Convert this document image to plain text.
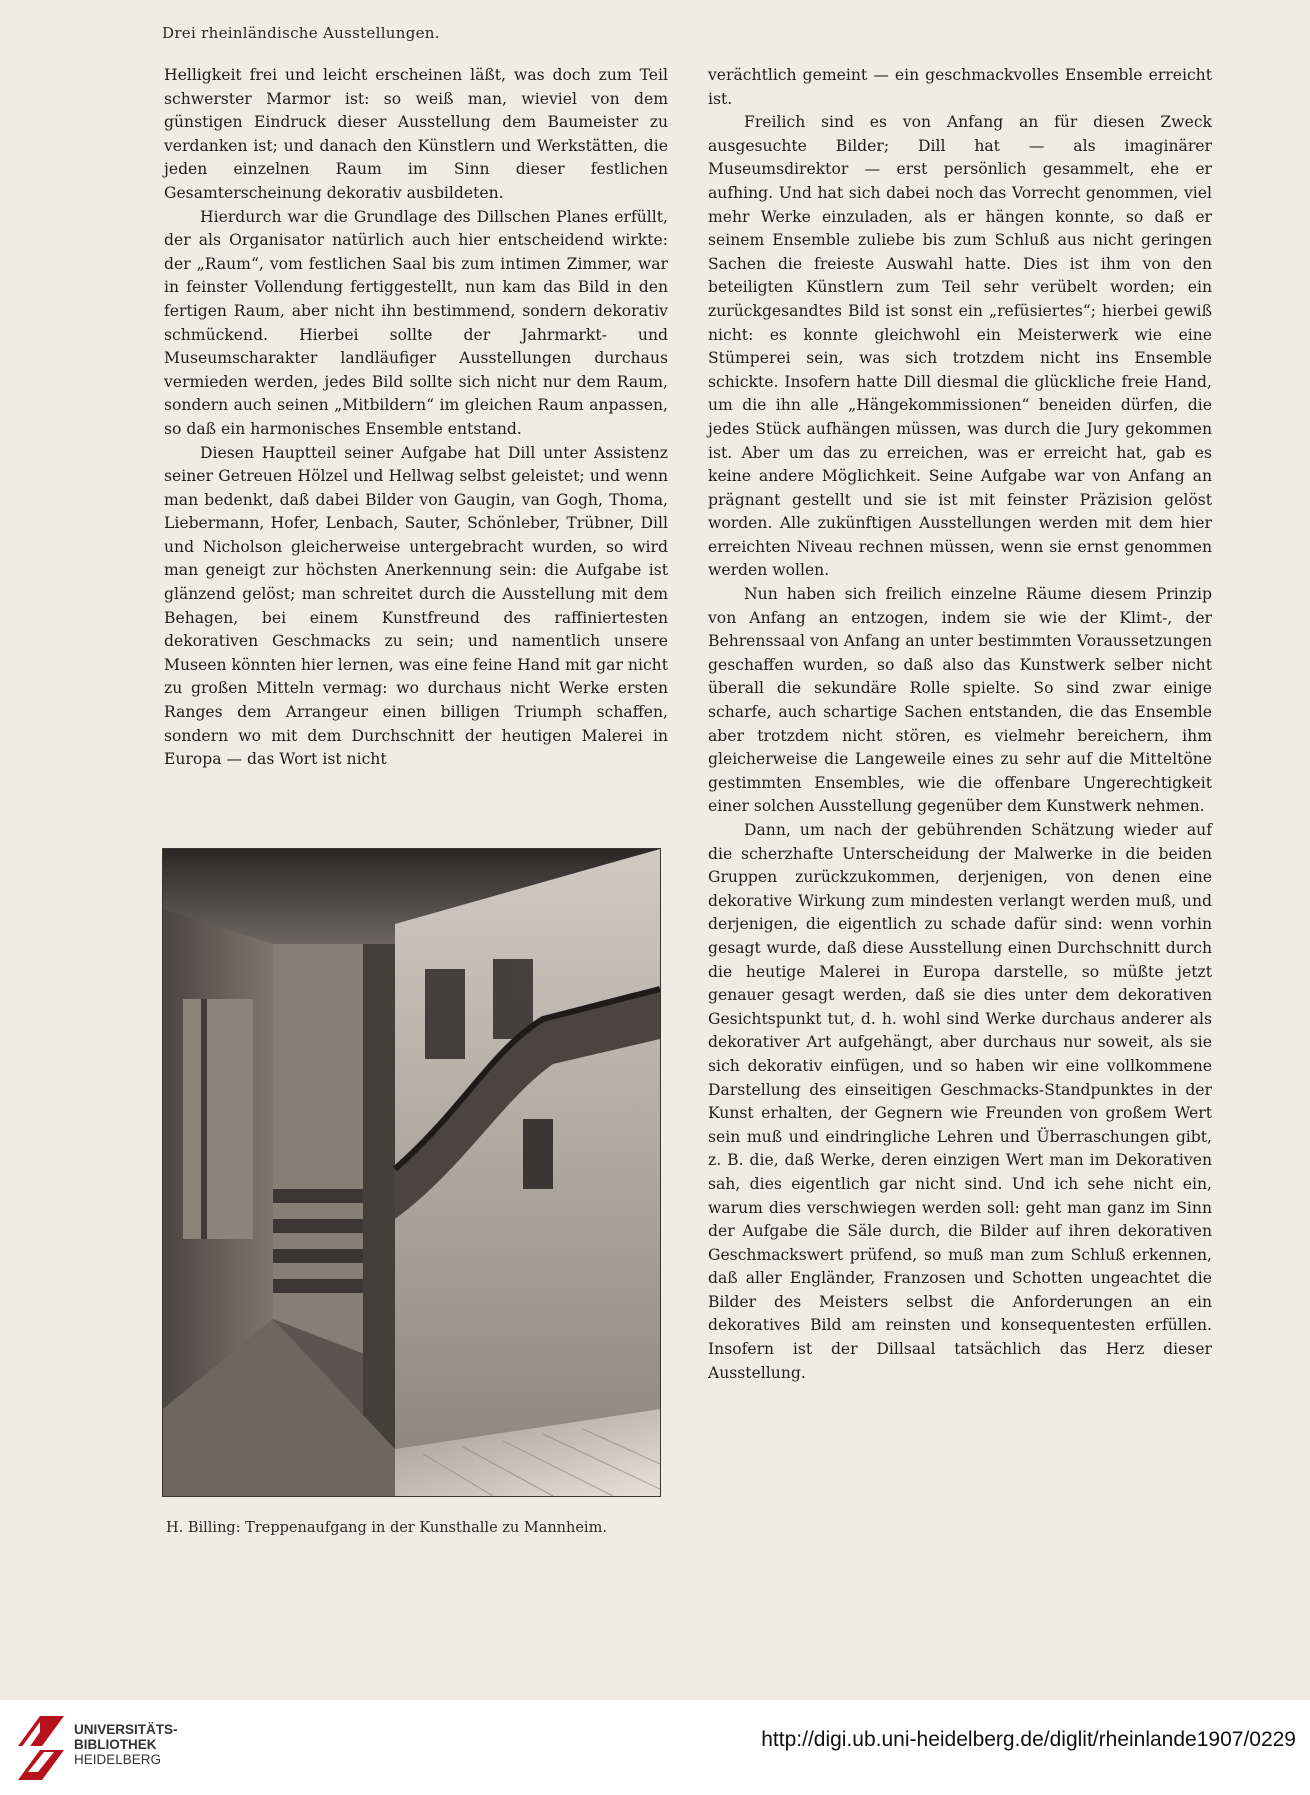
Drei rheinländische Ausstellungen.

Helligkeit frei und leicht erscheinen läßt, was doch zum Teil schwerster Marmor ist: so weiß man, wieviel von dem günstigen Eindruck dieser Ausstellung dem Baumeister zu verdanken ist; und danach den Künstlern und Werkstätten, die jeden einzelnen Raum im Sinn dieser festlichen Gesamterscheinung dekorativ ausbildeten.

Hierdurch war die Grundlage des Dillschen Planes erfüllt, der als Organisator natürlich auch hier entscheidend wirkte: der „Raum“, vom festlichen Saal bis zum intimen Zimmer, war in feinster Vollendung fertiggestellt, nun kam das Bild in den fertigen Raum, aber nicht ihn bestimmend, sondern dekorativ schmückend. Hierbei sollte der Jahrmarkt- und Museumscharakter landläufiger Ausstellungen durchaus vermieden werden, jedes Bild sollte sich nicht nur dem Raum, sondern auch seinen „Mitbildern“ im gleichen Raum anpassen, so daß ein harmonisches Ensemble entstand.

Diesen Hauptteil seiner Aufgabe hat Dill unter Assistenz seiner Getreuen Hölzel und Hellwag selbst geleistet; und wenn man bedenkt, daß dabei Bilder von Gaugin, van Gogh, Thoma, Liebermann, Hofer, Lenbach, Sauter, Schönleber, Trübner, Dill und Nicholson gleicherweise untergebracht wurden, so wird man geneigt zur höchsten Anerkennung sein: die Aufgabe ist glänzend gelöst; man schreitet durch die Ausstellung mit dem Behagen, bei einem Kunstfreund des raffiniertesten dekorativen Geschmacks zu sein; und namentlich unsere Museen könnten hier lernen, was eine feine Hand mit gar nicht zu großen Mitteln vermag: wo durchaus nicht Werke ersten Ranges dem Arrangeur einen billigen Triumph schaffen, sondern wo mit dem Durchschnitt der heutigen Malerei in Europa — das Wort ist nicht

verächtlich gemeint — ein geschmackvolles Ensemble erreicht ist.

Freilich sind es von Anfang an für diesen Zweck ausgesuchte Bilder; Dill hat — als imaginärer Museumsdirektor — erst persönlich gesammelt, ehe er aufhing. Und hat sich dabei noch das Vorrecht genommen, viel mehr Werke einzuladen, als er hängen konnte, so daß er seinem Ensemble zuliebe bis zum Schluß aus nicht geringen Sachen die freieste Auswahl hatte. Dies ist ihm von den beteiligten Künstlern zum Teil sehr verübelt worden; ein zurückgesandtes Bild ist sonst ein „refüsiertes“; hierbei gewiß nicht: es konnte gleichwohl ein Meisterwerk wie eine Stümperei sein, was sich trotzdem nicht ins Ensemble schickte. Insofern hatte Dill diesmal die glückliche freie Hand, um die ihn alle „Hängekommissionen“ beneiden dürfen, die jedes Stück aufhängen müssen, was durch die Jury gekommen ist. Aber um das zu erreichen, was er erreicht hat, gab es keine andere Möglichkeit. Seine Aufgabe war von Anfang an prägnant gestellt und sie ist mit feinster Präzision gelöst worden. Alle zukünftigen Ausstellungen werden mit dem hier erreichten Niveau rechnen müssen, wenn sie ernst genommen werden wollen.

Nun haben sich freilich einzelne Räume diesem Prinzip von Anfang an entzogen, indem sie wie der Klimt-, der Behrenssaal von Anfang an unter bestimmten Voraussetzungen geschaffen wurden, so daß also das Kunstwerk selber nicht überall die sekundäre Rolle spielte. So sind zwar einige scharfe, auch schartige Sachen entstanden, die das Ensemble aber trotzdem nicht stören, es vielmehr bereichern, ihm gleicherweise die Langeweile eines zu sehr auf die Mitteltöne gestimmten Ensembles, wie die offenbare Ungerechtigkeit einer solchen Ausstellung gegenüber dem Kunstwerk nehmen.

Dann, um nach der gebührenden Schätzung wieder auf die scherzhafte Unterscheidung der Malwerke in die beiden Gruppen zurückzukommen, derjenigen, von denen eine dekorative Wirkung zum mindesten verlangt werden muß, und derjenigen, die eigentlich zu schade dafür sind: wenn vorhin gesagt wurde, daß diese Ausstellung einen Durchschnitt durch die heutige Malerei in Europa darstelle, so müßte jetzt genauer gesagt werden, daß sie dies unter dem dekorativen Gesichtspunkt tut, d. h. wohl sind Werke durchaus anderer als dekorativer Art aufgehängt, aber durchaus nur soweit, als sie sich dekorativ einfügen, und so haben wir eine vollkommene Darstellung des einseitigen Geschmacks-Standpunktes in der Kunst erhalten, der Gegnern wie Freunden von großem Wert sein muß und eindringliche Lehren und Überraschungen gibt, z. B. die, daß Werke, deren einzigen Wert man im Dekorativen sah, dies eigentlich gar nicht sind. Und ich sehe nicht ein, warum dies verschwiegen werden soll: geht man ganz im Sinn der Aufgabe die Säle durch, die Bilder auf ihren dekorativen Geschmackswert prüfend, so muß man zum Schluß erkennen, daß aller Engländer, Franzosen und Schotten ungeachtet die Bilder des Meisters selbst die Anforderungen an ein dekoratives Bild am reinsten und konsequentesten erfüllen. Insofern ist der Dillsaal tatsächlich das Herz dieser Ausstellung.

H. Billing: Treppenaufgang in der Kunsthalle zu Mannheim.
UNIVERSITÄTS-
BIBLIOTHEK
HEIDELBERG
http://digi.ub.uni-heidelberg.de/diglit/rheinlande1907/0229
